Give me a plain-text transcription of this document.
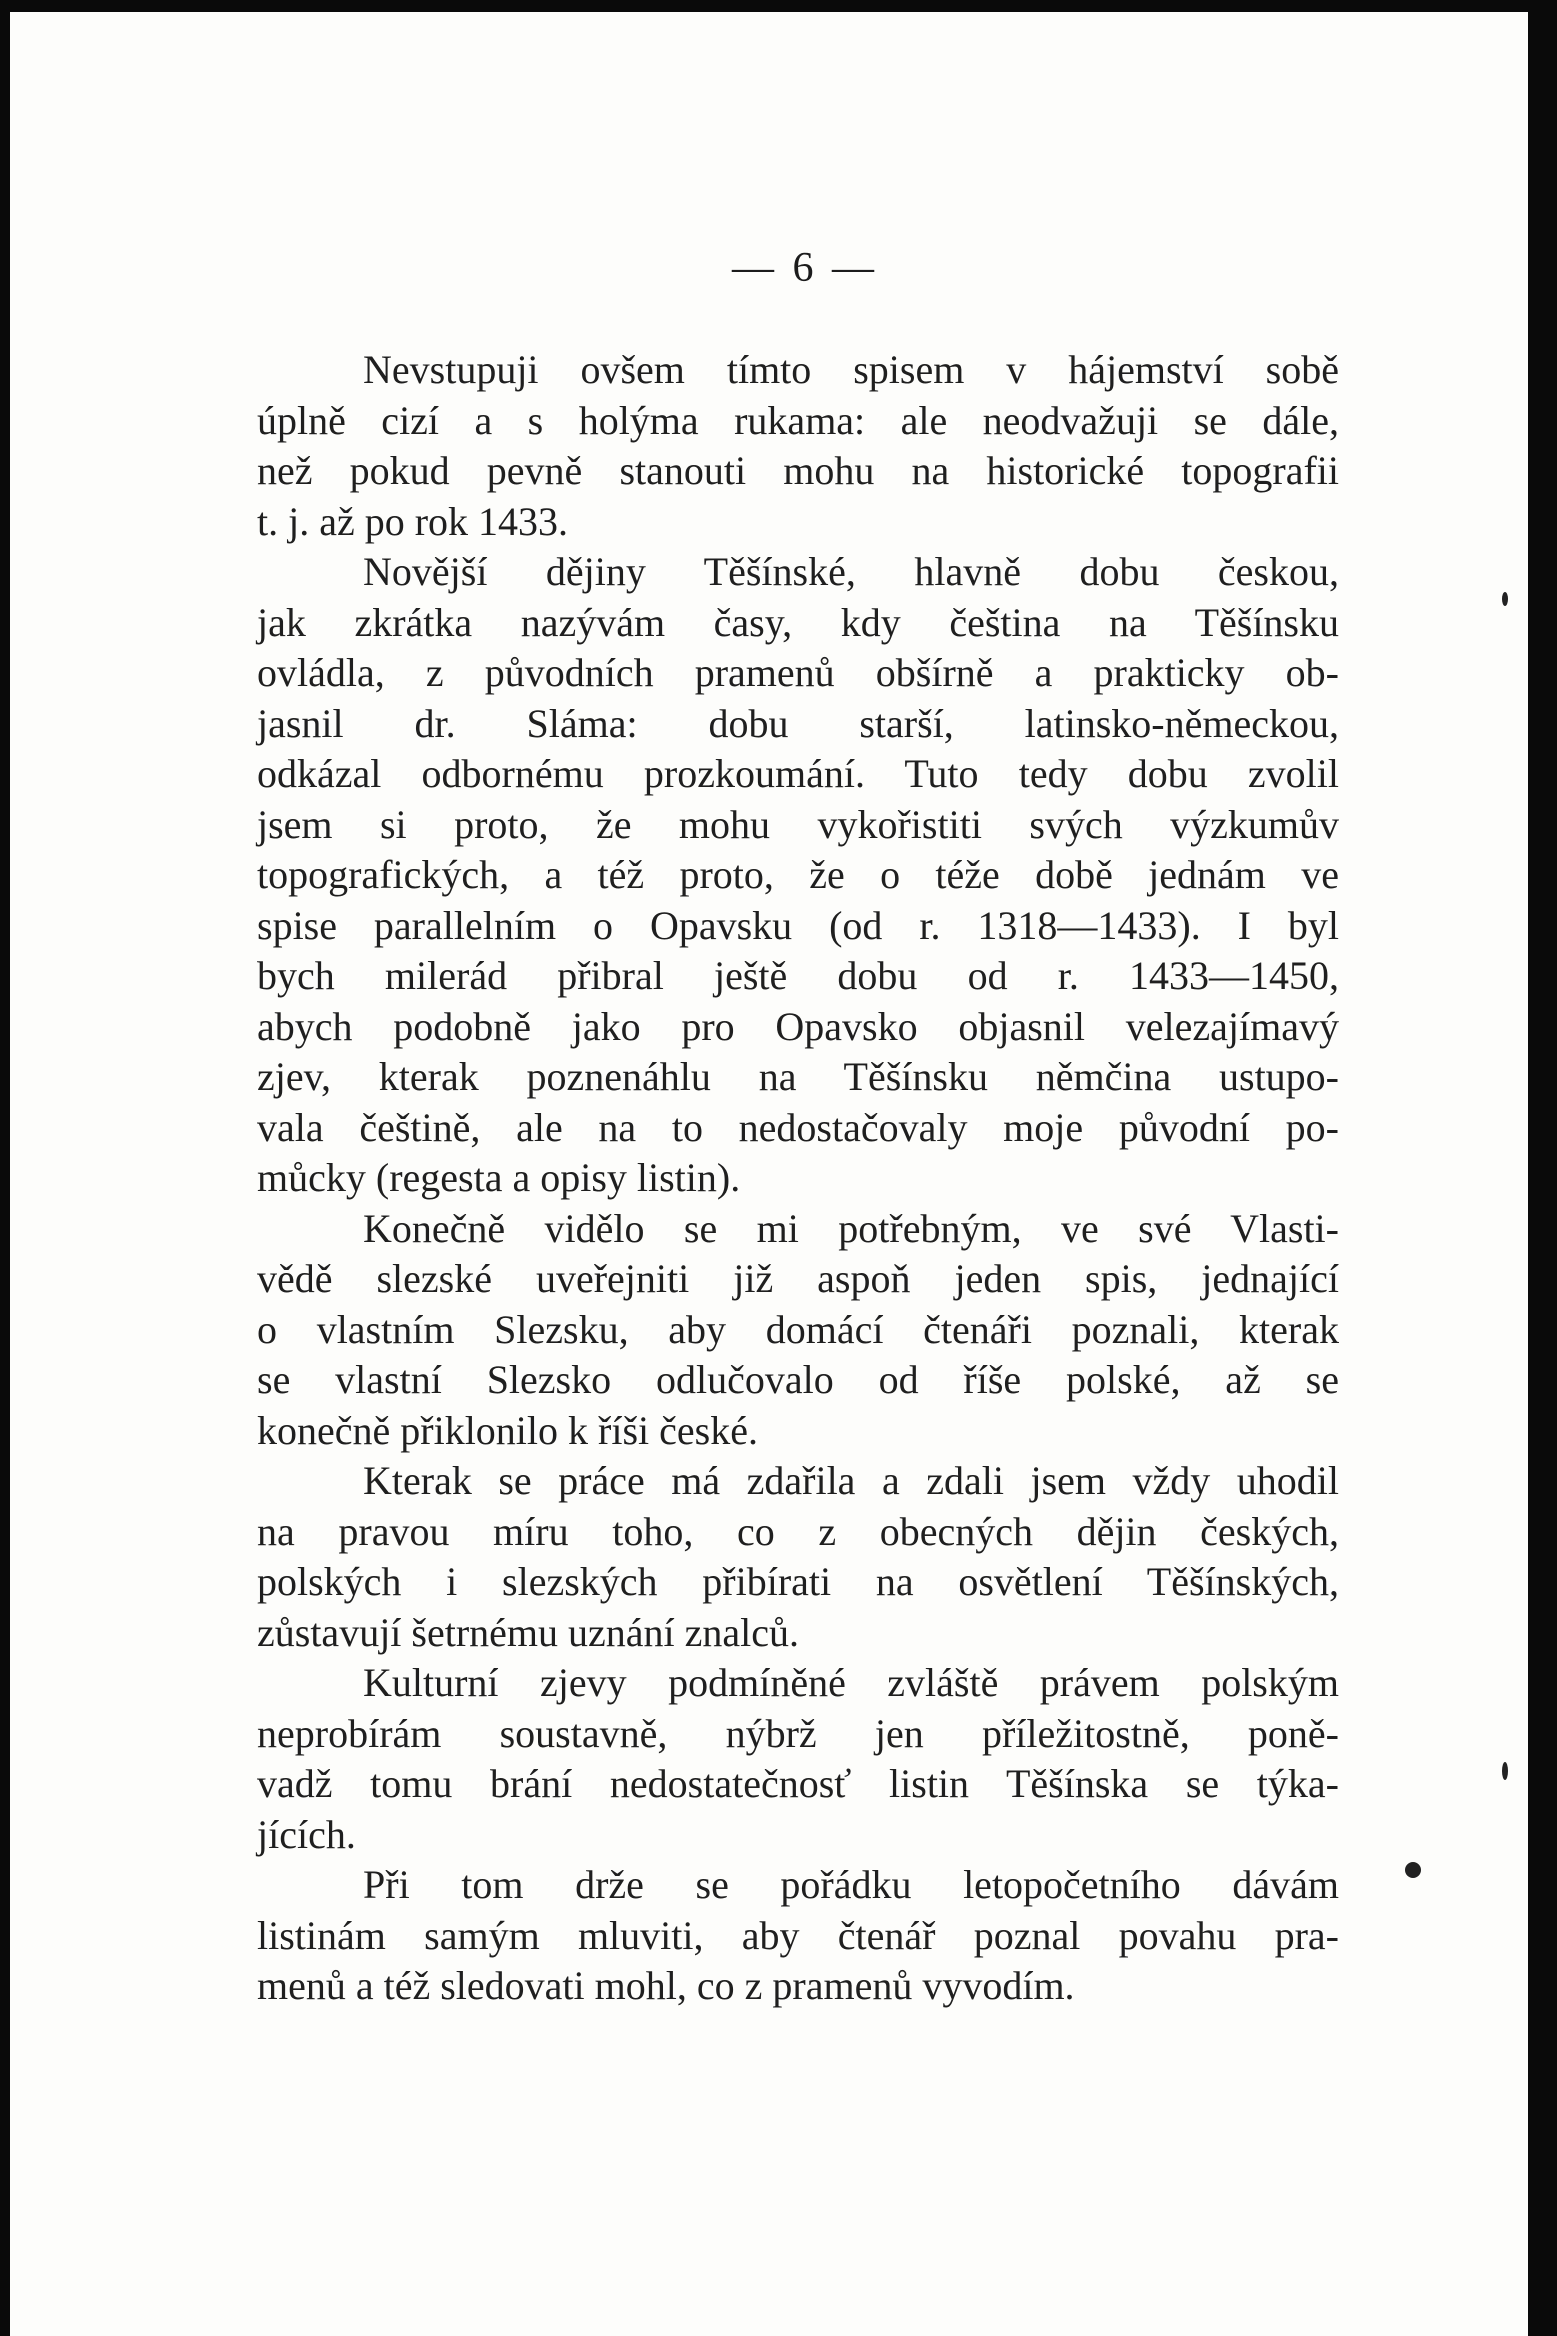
— 6 —
Nevstupuji ovšem tímto spisem v hájemství sobě
úplně cizí a s holýma rukama: ale neodvažuji se dále,
než pokud pevně stanouti mohu na historické topografii
t. j. až po rok 1433.
Novější dějiny Těšínské, hlavně dobu českou,
jak zkrátka nazývám časy, kdy čeština na Těšínsku
ovládla, z původních pramenů obšírně a prakticky ob-
jasnil dr. Sláma: dobu starší, latinsko-německou,
odkázal odbornému prozkoumání. Tuto tedy dobu zvolil
jsem si proto, že mohu vykořistiti svých výzkumův
topografických, a též proto, že o téže době jednám ve
spise parallelním o Opavsku (od r. 1318—1433). I byl
bych milerád přibral ještě dobu od r. 1433—1450,
abych podobně jako pro Opavsko objasnil velezajímavý
zjev, kterak poznenáhlu na Těšínsku němčina ustupo-
vala češtině, ale na to nedostačovaly moje původní po-
můcky (regesta a opisy listin).
Konečně vidělo se mi potřebným, ve své Vlasti-
vědě slezské uveřejniti již aspoň jeden spis, jednající
o vlastním Slezsku, aby domácí čtenáři poznali, kterak
se vlastní Slezsko odlučovalo od říše polské, až se
konečně přiklonilo k říši české.
Kterak se práce má zdařila a zdali jsem vždy uhodil
na pravou míru toho, co z obecných dějin českých,
polských i slezských přibírati na osvětlení Těšínských,
zůstavují šetrnému uznání znalců.
Kulturní zjevy podmíněné zvláště právem polským
neprobírám soustavně, nýbrž jen příležitostně, poně-
vadž tomu brání nedostatečnosť listin Těšínska se týka-
jících.
Při tom drže se pořádku letopočetního dávám
listinám samým mluviti, aby čtenář poznal povahu pra-
menů a též sledovati mohl, co z pramenů vyvodím.
